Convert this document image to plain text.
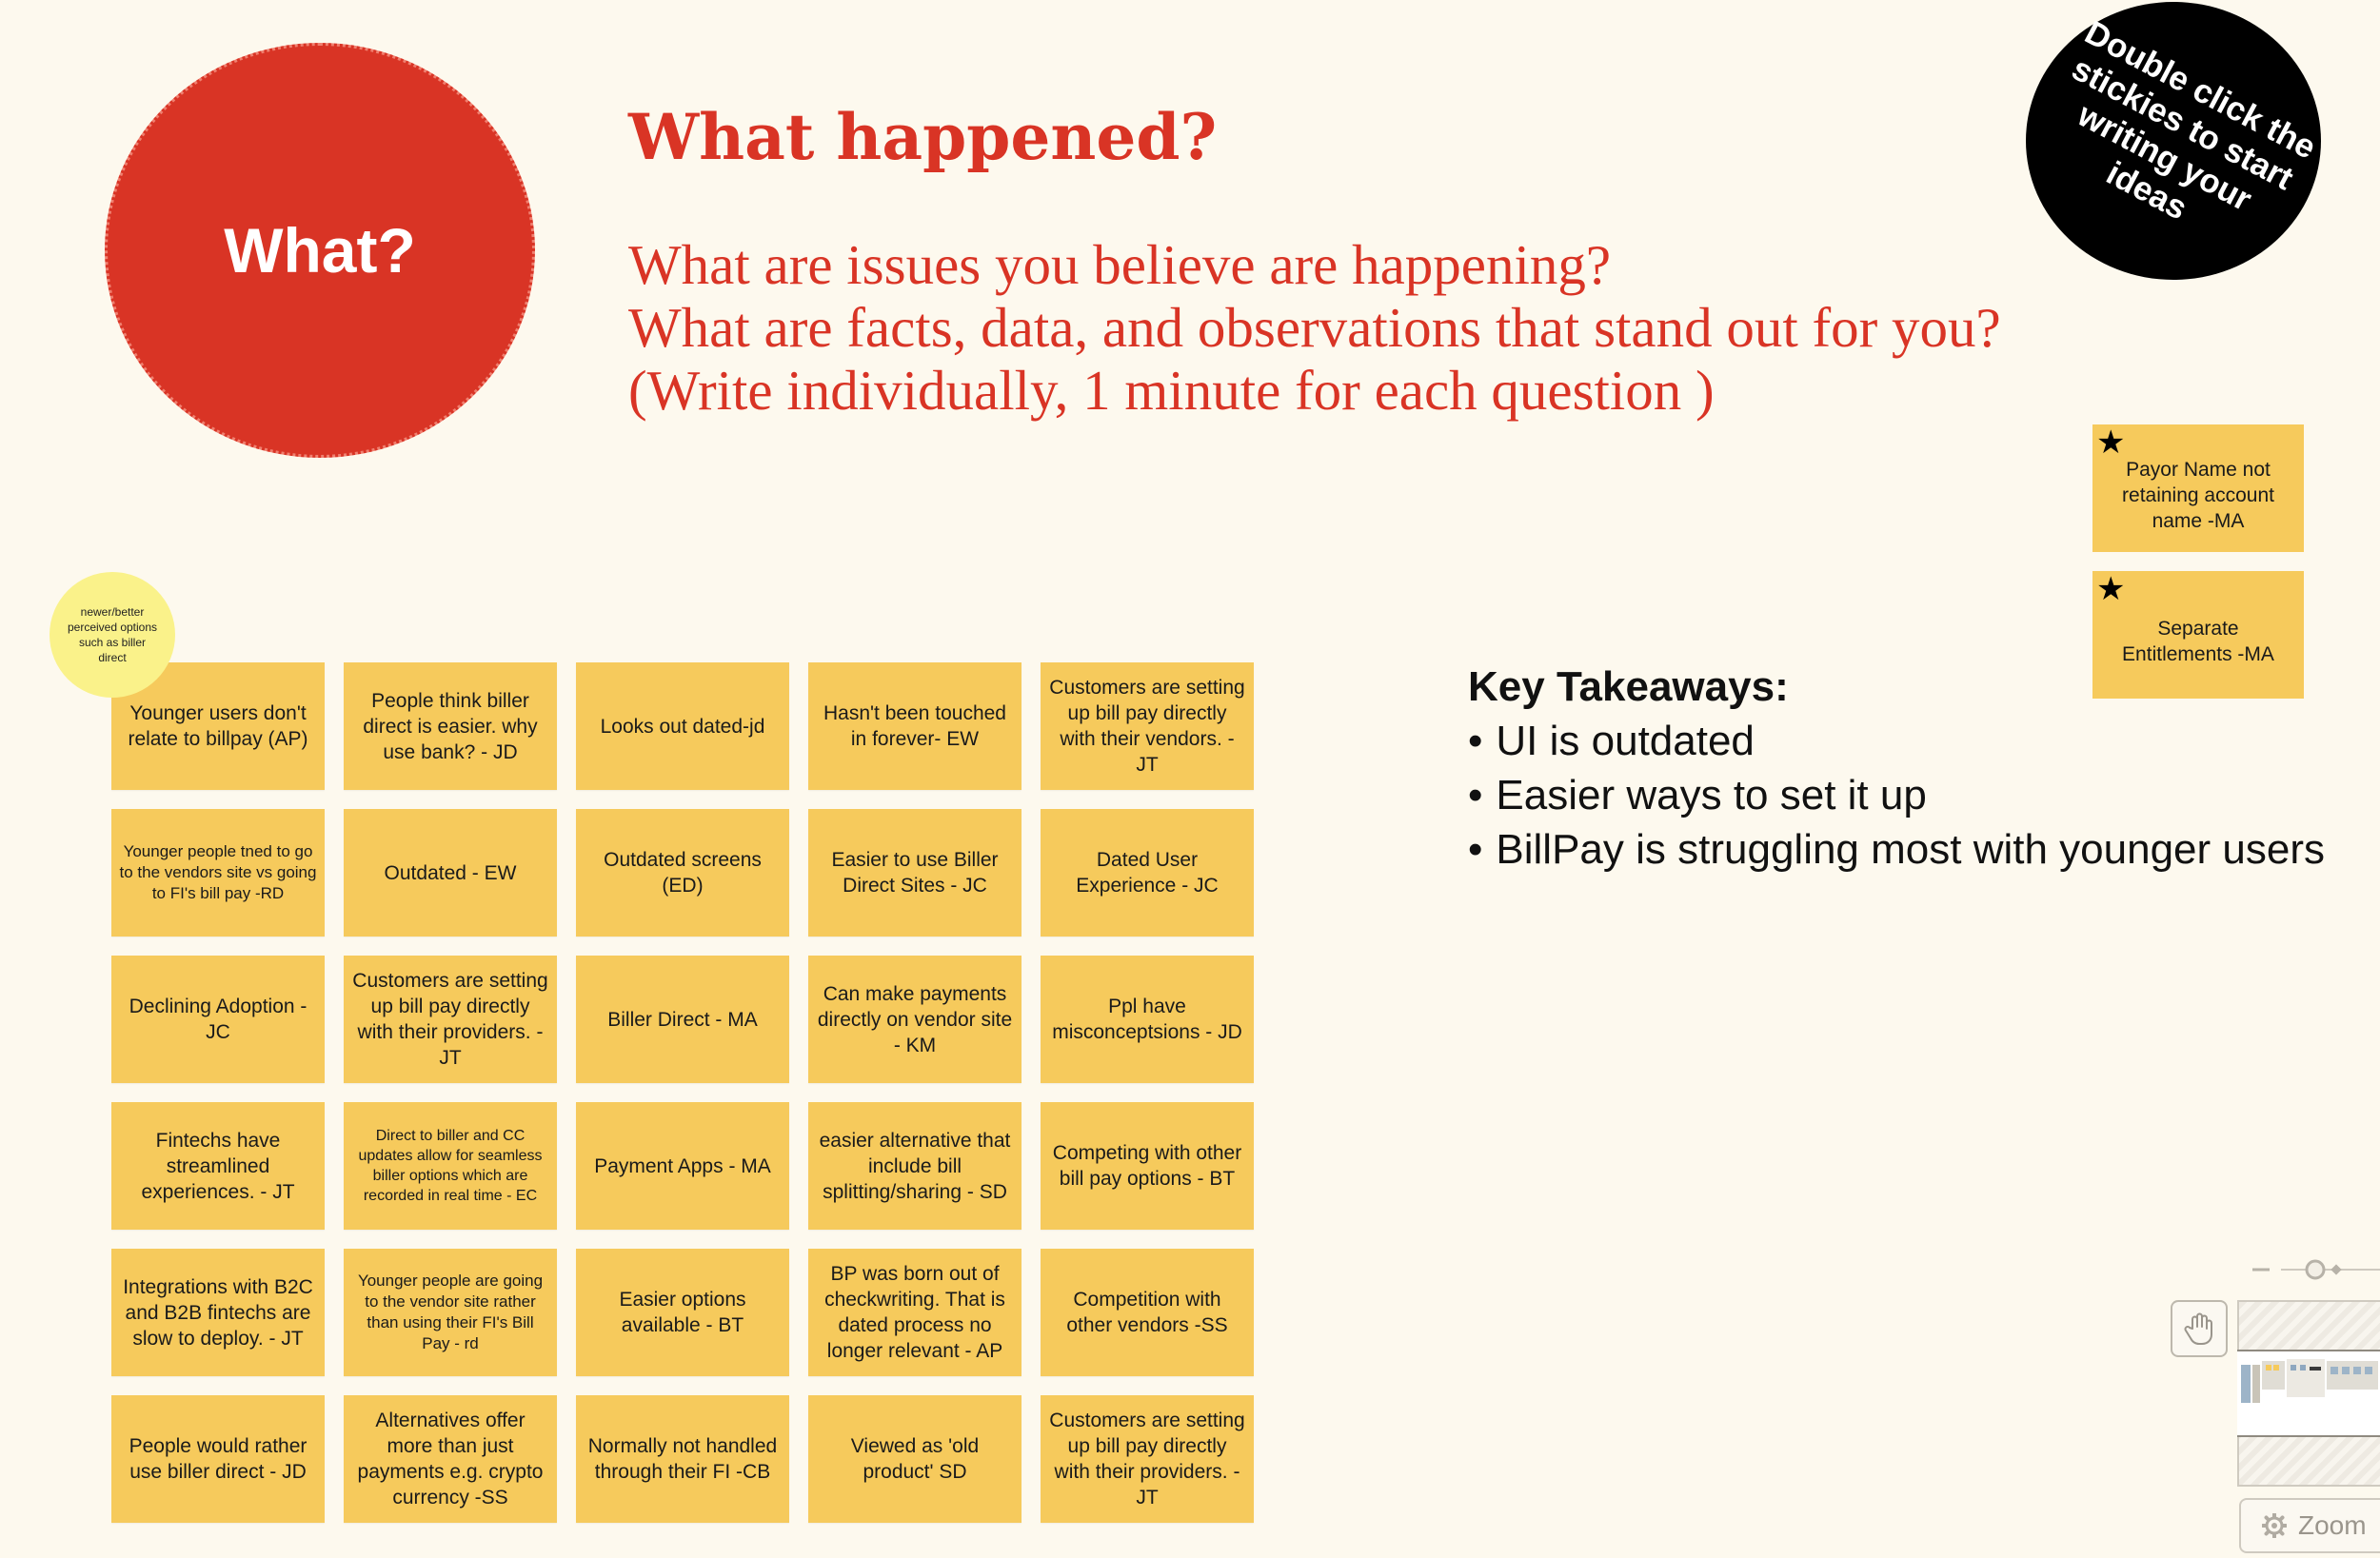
What?
What happened?
What are issues you believe are happening?
What are facts, data, and observations that stand out for you?
(Write individually, 1 minute for each question )
Double click the stickies to start writing your ideas
★
Payor Name not retaining account name -MA
★
Separate Entitlements -MA
Younger users don't relate to billpay (AP)
People think biller direct is easier. why use bank? - JD
Looks out dated-jd
Hasn't been touched in forever- EW
Customers are setting up bill pay directly with their vendors. - JT
Younger people tned to go to the vendors site vs going to FI's bill pay -RD
Outdated - EW
Outdated screens (ED)
Easier to use Biller Direct Sites - JC
Dated User Experience - JC
Declining Adoption - JC
Customers are setting up bill pay directly with their providers. - JT
Biller Direct - MA
Can make payments directly on vendor site - KM
Ppl have misconceptsions - JD
Fintechs have streamlined experiences. - JT
Direct to biller and CC updates allow for seamless biller options which are recorded in real time - EC
Payment Apps - MA
easier alternative that include bill splitting/sharing - SD
Competing with other bill pay options - BT
Integrations with B2C and B2B fintechs are slow to deploy. - JT
Younger people are going to the vendor site rather than using their FI's Bill Pay - rd
Easier options available - BT
BP was born out of checkwriting. That is dated process no longer relevant - AP
Competition with other vendors -SS
People would rather use biller direct - JD
Alternatives offer more than just payments e.g. crypto currency -SS
Normally not handled through their FI -CB
Viewed as 'old product' SD
Customers are setting up bill pay directly with their providers. - JT
newer/better perceived options such as biller direct
Key Takeaways:
• UI is outdated
• Easier ways to set it up
• BillPay is struggling most with younger users
Zoom
